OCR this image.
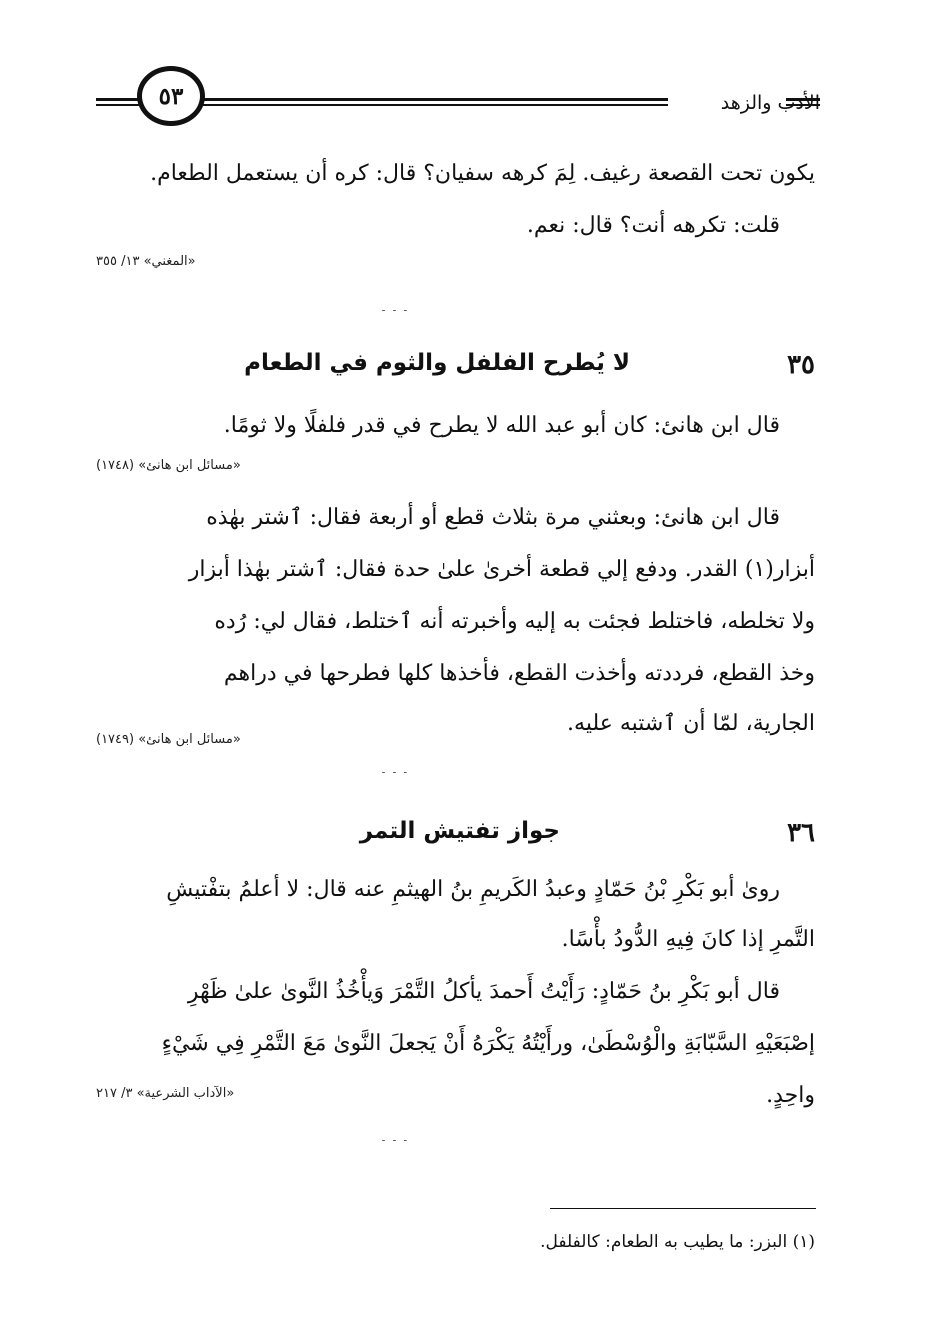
٥٣	الأدب والزهد
يكون تحت القصعة رغيف. لِمَ كرهه سفيان؟ قال: كره أن يستعمل الطعام.
قلت: تكرهه أنت؟ قال: نعم.
«المغني» ١٣/ ٣٥٥
۔ ۔ ۔
٣٥
لا يُطرح الفلفل والثوم في الطعام
قال ابن هانئ: كان أبو عبد الله لا يطرح في قدر فلفلًا ولا ثومًا.
«مسائل ابن هانئ» (١٧٤٨)
قال ابن هانئ: وبعثني مرة بثلاث قطع أو أربعة فقال: ٱشتر بهٰذه
أبزار(١) القدر. ودفع إلي قطعة أخرىٰ علىٰ حدة فقال: ٱشتر بهٰذا أبزار
ولا تخلطه، فاختلط فجئت به إليه وأخبرته أنه ٱختلط، فقال لي: رُده
وخذ القطع، فرددته وأخذت القطع، فأخذها كلها فطرحها في دراهم
الجارية، لمّا أن ٱشتبه عليه.
«مسائل ابن هانئ» (١٧٤٩)
۔ ۔ ۔
٣٦
جواز تفتيش التمر
روىٰ أبو بَكْرِ بْنُ حَمّادٍ وعبدُ الكَريمِ بنُ الهيثمِ عنه قال: لا أعلمُ بتفْتيشِ
التَّمرِ إذا كانَ فِيهِ الدُّودُ بأْسًا.
قال أبو بَكْرِ بنُ حَمّادٍ: رَأَيْتُ أَحمدَ يأكلُ التَّمْرَ وَيأْخُذُ النَّوىٰ علىٰ ظَهْرِ
إصْبَعَيْهِ السَّبّابَةِ والْوُسْطَىٰ، ورأَيْتُهُ يَكْرَهُ أَنْ يَجعلَ النَّوىٰ مَعَ التَّمْرِ فِي شَيْءٍ
واحِدٍ.
«الآداب الشرعية» ٣/ ٢١٧
۔ ۔ ۔
(١) البزر: ما يطيب به الطعام: كالفلفل.
